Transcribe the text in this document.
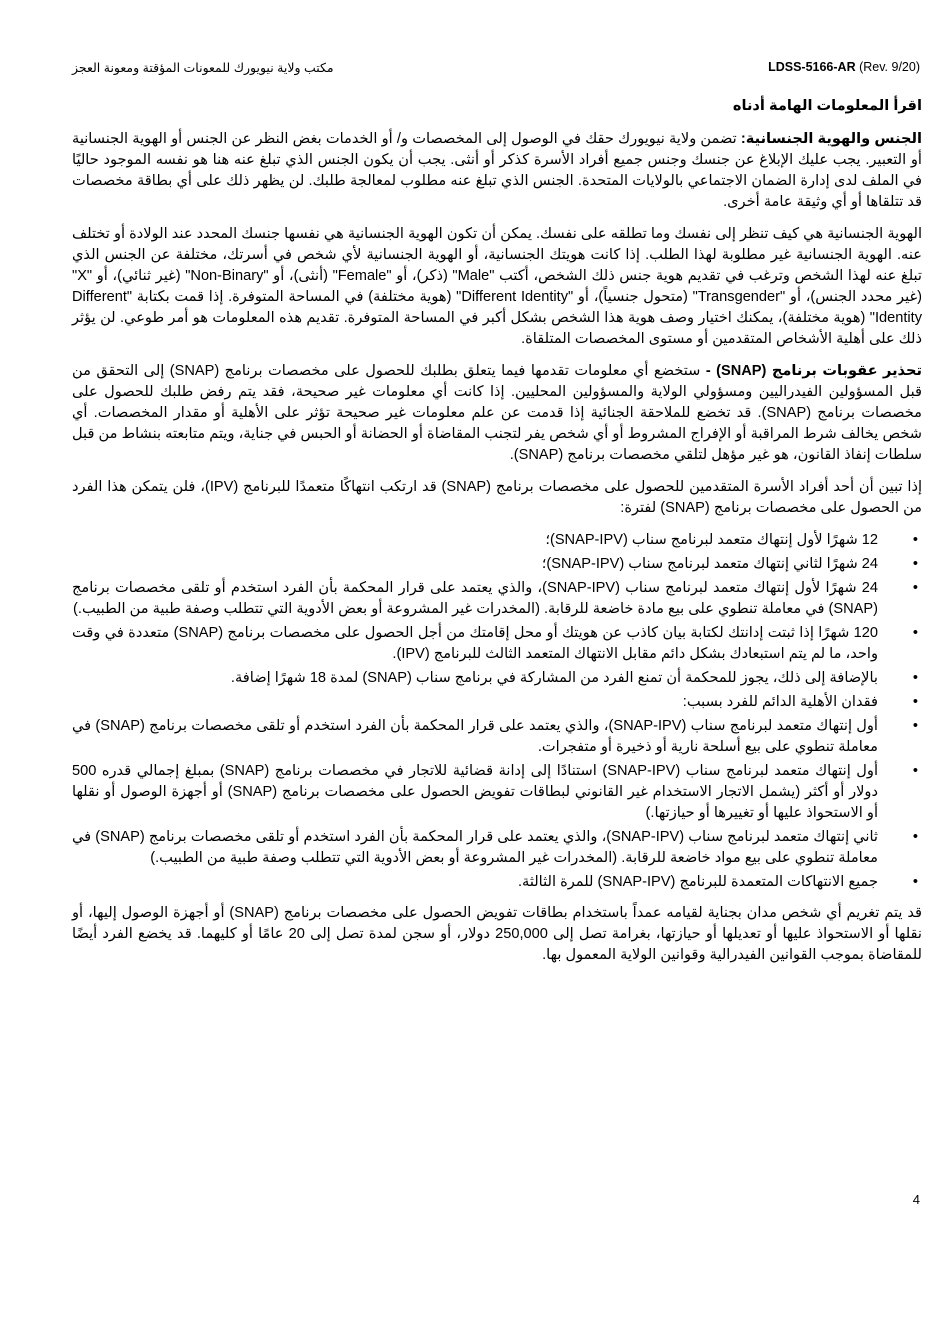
مكتب ولاية نيويورك للمعونات المؤقتة ومعونة العجز	LDSS-5166-AR (Rev. 9/20)

اقرأ المعلومات الهامة أدناه

الجنس والهوية الجنسانية: تضمن ولاية نيويورك حقك في الوصول إلى المخصصات و/ أو الخدمات بغض النظر عن الجنس أو الهوية الجنسانية أو التعبير. يجب عليك الإبلاغ عن جنسك وجنس جميع أفراد الأسرة كذكر أو أنثى. يجب أن يكون الجنس الذي تبلغ عنه هنا هو نفسه الموجود حاليًا في الملف لدى إدارة الضمان الاجتماعي بالولايات المتحدة. الجنس الذي تبلغ عنه مطلوب لمعالجة طلبك. لن يظهر ذلك على أي بطاقة مخصصات قد تتلقاها أو أي وثيقة عامة أخرى.

الهوية الجنسانية هي كيف تنظر إلى نفسك وما تطلقه على نفسك. يمكن أن تكون الهوية الجنسانية هي نفسها جنسك المحدد عند الولادة أو تختلف عنه. الهوية الجنسانية غير مطلوبة لهذا الطلب. إذا كانت هويتك الجنسانية، أو الهوية الجنسانية لأي شخص في أسرتك، مختلفة عن الجنس الذي تبلغ عنه لهذا الشخص وترغب في تقديم هوية جنس ذلك الشخص، أكتب "Male" (ذكر)، أو "Female" (أنثى)، أو "Non-Binary" (غير ثنائي)، أو "X" (غير محدد الجنس)، أو "Transgender" (متحول جنسياً)، أو "Different Identity" (هوية مختلفة) في المساحة المتوفرة. إذا قمت بكتابة "Different Identity" (هوية مختلفة)، يمكنك اختيار وصف هوية هذا الشخص بشكل أكبر في المساحة المتوفرة. تقديم هذه المعلومات هو أمر طوعي. لن يؤثر ذلك على أهلية الأشخاص المتقدمين أو مستوى المخصصات المتلقاة.

تحذير عقوبات برنامج (SNAP) - ستخضع أي معلومات تقدمها فيما يتعلق بطلبك للحصول على مخصصات برنامج (SNAP) إلى التحقق من قبل المسؤولين الفيدراليين ومسؤولي الولاية والمسؤولين المحليين. إذا كانت أي معلومات غير صحيحة، فقد يتم رفض طلبك للحصول على مخصصات برنامج (SNAP). قد تخضع للملاحقة الجنائية إذا قدمت عن علم معلومات غير صحيحة تؤثر على الأهلية أو مقدار المخصصات. أي شخص يخالف شرط المراقبة أو الإفراج المشروط أو أي شخص يفر لتجنب المقاضاة أو الحضانة أو الحبس في جناية، ويتم متابعته بنشاط من قبل سلطات إنفاذ القانون، هو غير مؤهل لتلقي مخصصات برنامج (SNAP).

إذا تبين أن أحد أفراد الأسرة المتقدمين للحصول على مخصصات برنامج (SNAP) قد ارتكب انتهاكًا متعمدًا للبرنامج (IPV)، فلن يتمكن هذا الفرد من الحصول على مخصصات برنامج (SNAP) لفترة:

• 12 شهرًا لأول إنتهاك متعمد لبرنامج سناب (SNAP-IPV)؛
• 24 شهرًا لثاني إنتهاك متعمد لبرنامج سناب (SNAP-IPV)؛
• 24 شهرًا لأول إنتهاك متعمد لبرنامج سناب (SNAP-IPV)، والذي يعتمد على قرار المحكمة بأن الفرد استخدم أو تلقى مخصصات برنامج (SNAP) في معاملة تنطوي على بيع مادة خاضعة للرقابة. (المخدرات غير المشروعة أو بعض الأدوية التي تتطلب وصفة طبية من الطبيب.)
• 120 شهرًا إذا ثبتت إدانتك لكتابة بيان كاذب عن هويتك أو محل إقامتك من أجل الحصول على مخصصات برنامج (SNAP) متعددة في وقت واحد، ما لم يتم استبعادك بشكل دائم مقابل الانتهاك المتعمد الثالث للبرنامج (IPV).
• بالإضافة إلى ذلك، يجوز للمحكمة أن تمنع الفرد من المشاركة في برنامج سناب (SNAP) لمدة 18 شهرًا إضافة.
• فقدان الأهلية الدائم للفرد بسبب:
• أول إنتهاك متعمد لبرنامج سناب (SNAP-IPV)، والذي يعتمد على قرار المحكمة بأن الفرد استخدم أو تلقى مخصصات برنامج (SNAP) في معاملة تنطوي على بيع أسلحة نارية أو ذخيرة أو متفجرات.
• أول إنتهاك متعمد لبرنامج سناب (SNAP-IPV) استنادًا إلى إدانة قضائية للاتجار في مخصصات برنامج (SNAP) بمبلغ إجمالي قدره 500 دولار أو أكثر (يشمل الاتجار الاستخدام غير القانوني لبطاقات تفويض الحصول على مخصصات برنامج (SNAP) أو أجهزة الوصول أو نقلها أو الاستحواذ عليها أو تغييرها أو حيازتها.)
• ثاني إنتهاك متعمد لبرنامج سناب (SNAP-IPV)، والذي يعتمد على قرار المحكمة بأن الفرد استخدم أو تلقى مخصصات برنامج (SNAP) في معاملة تنطوي على بيع مواد خاضعة للرقابة. (المخدرات غير المشروعة أو بعض الأدوية التي تتطلب وصفة طبية من الطبيب.)
• جميع الانتهاكات المتعمدة للبرنامج (SNAP-IPV) للمرة الثالثة.

قد يتم تغريم أي شخص مدان بجناية لقيامه عمداً باستخدام بطاقات تفويض الحصول على مخصصات برنامج (SNAP) أو أجهزة الوصول إليها، أو نقلها أو الاستحواذ عليها أو تعديلها أو حيازتها، بغرامة تصل إلى 250,000 دولار، أو سجن لمدة تصل إلى 20 عامًا أو كليهما. قد يخضع الفرد أيضًا للمقاضاة بموجب القوانين الفيدرالية وقوانين الولاية المعمول بها.

4
